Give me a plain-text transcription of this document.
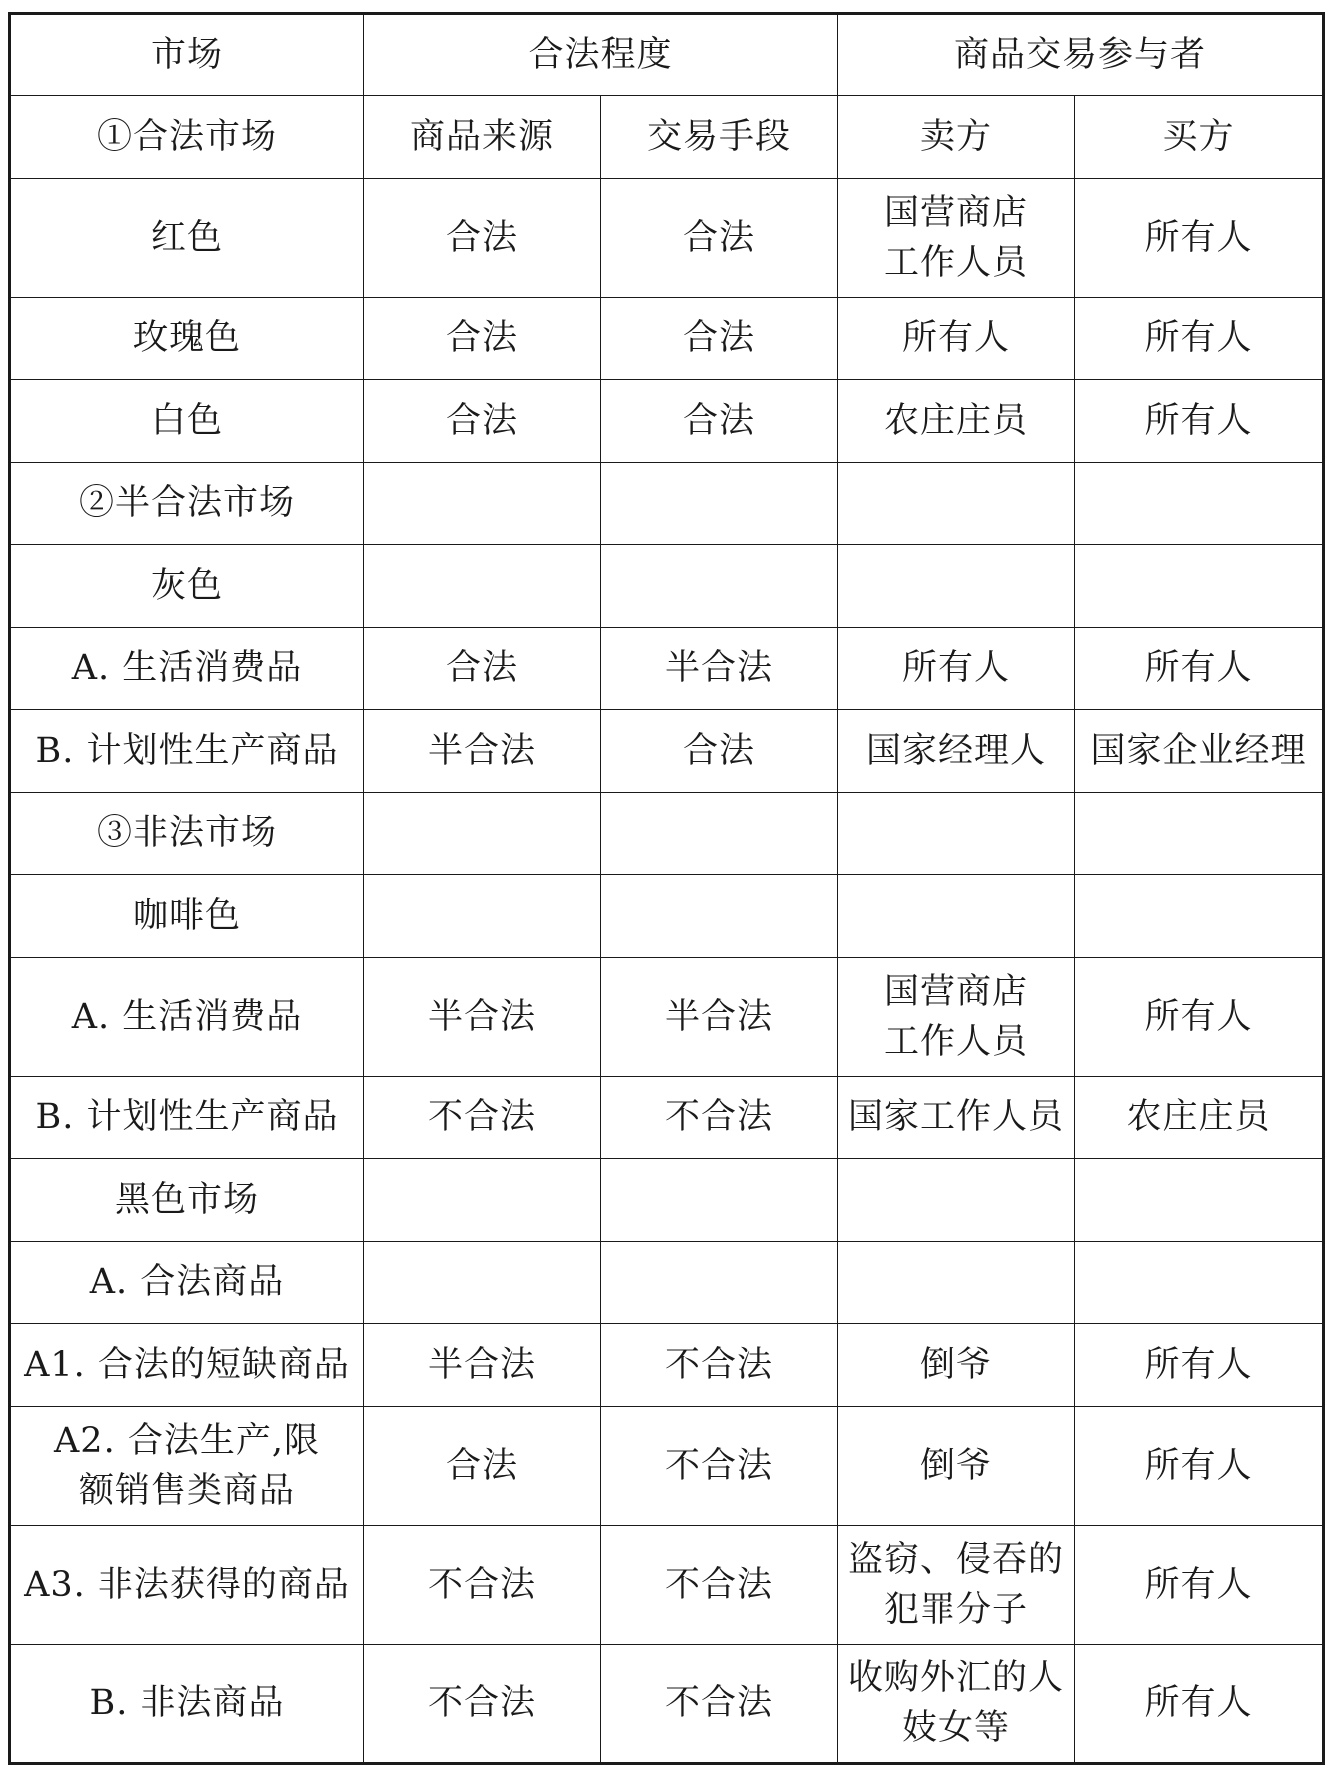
市场	合法程度		商品交易参与者	
①合法市场	商品来源	交易手段	卖方	买方
红色	合法	合法	国营商店
工作人员	所有人
玫瑰色	合法	合法	所有人	所有人
白色	合法	合法	农庄庄员	所有人
②半合法市场				
灰色				
A. 生活消费品	合法	半合法	所有人	所有人
B. 计划性生产商品	半合法	合法	国家经理人	国家企业经理
③非法市场				
咖啡色				
A. 生活消费品	半合法	半合法	国营商店
工作人员	所有人
B. 计划性生产商品	不合法	不合法	国家工作人员	农庄庄员
黑色市场				
A. 合法商品				
A1. 合法的短缺商品	半合法	不合法	倒爷	所有人
A2. 合法生产,限
额销售类商品	合法	不合法	倒爷	所有人
A3. 非法获得的商品	不合法	不合法	盗窃、侵吞的
犯罪分子	所有人
B. 非法商品	不合法	不合法	收购外汇的人
妓女等	所有人
